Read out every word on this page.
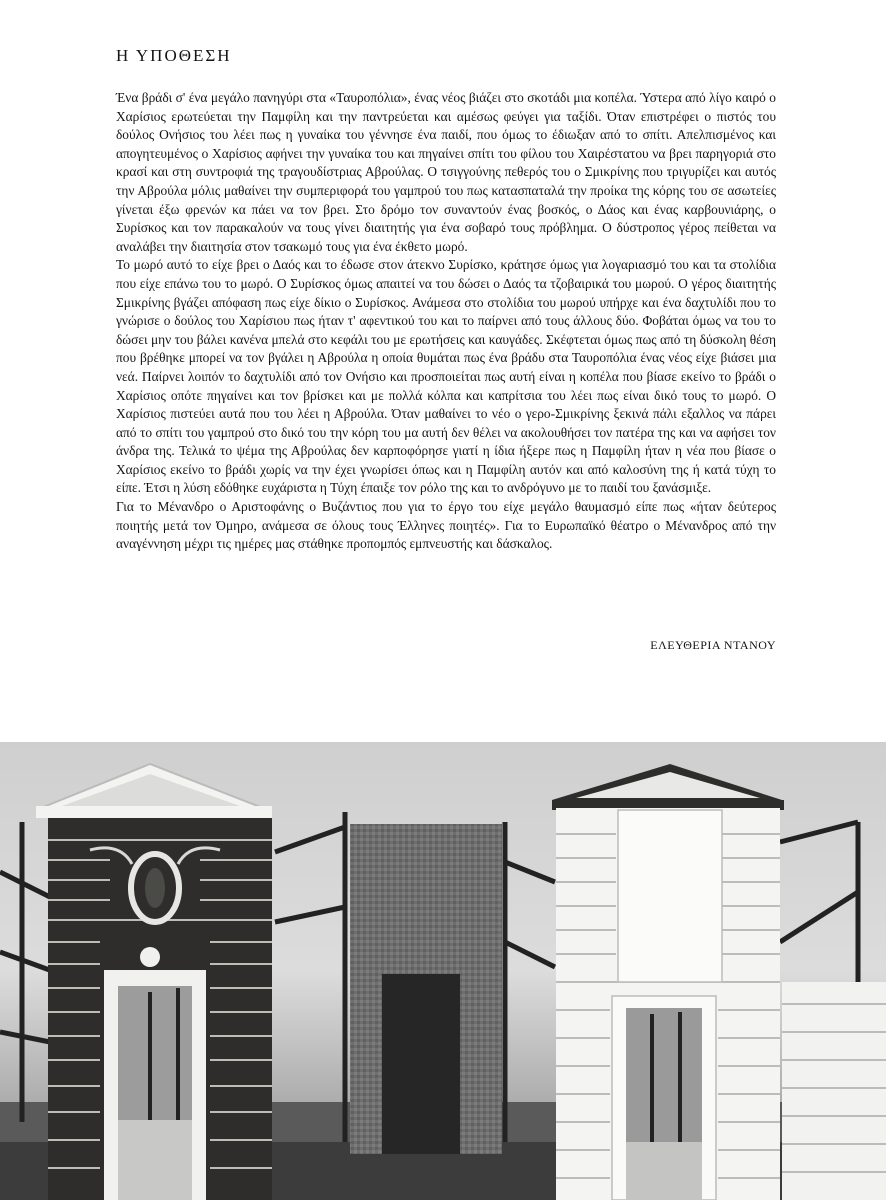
Η ΥΠΟΘΕΣΗ

Ένα βράδι σ' ένα μεγάλο πανηγύρι στα «Ταυροπόλια», ένας νέος βιάζει στο σκοτάδι μια κοπέλα. Ύστερα από λίγο καιρό ο Χαρίσιος ερωτεύεται την Παμφίλη και την παντρεύεται και αμέσως φεύγει για ταξίδι. Όταν επιστρέφει ο πιστός του δούλος Ονήσιος του λέει πως η γυναίκα του γέννησε ένα παιδί, που όμως το έδιωξαν από το σπίτι. Απελπισμένος και απογητευμένος ο Χαρίσιος αφήνει την γυναίκα του και πηγαίνει σπίτι του φίλου του Χαιρέστατου να βρει παρηγοριά στο κρασί και στη συντροφιά της τραγουδίστριας Αβρούλας. Ο τσιγγούνης πεθερός του ο Σμικρίνης που τριγυρίζει και αυτός την Αβρούλα μόλις μαθαίνει την συμπεριφορά του γαμπρού του πως κατασπαταλά την προίκα της κόρης του σε ασωτείες γίνεται έξω φρενών κα πάει να τον βρει. Στο δρόμο τον συναντούν ένας βοσκός, ο Δάος και ένας καρβουνιάρης, ο Συρίσκος και τον παρακαλούν να τους γίνει διαιτητής για ένα σοβαρό τους πρόβλημα. Ο δύστροπος γέρος πείθεται να αναλάβει την διαιτησία στον τσακωμό τους για ένα έκθετο μωρό.

Το μωρό αυτό το είχε βρει ο Δαός και το έδωσε στον άτεκνο Συρίσκο, κράτησε όμως για λογαριασμό του και τα στολίδια που είχε επάνω του το μωρό. Ο Συρίσκος όμως απαιτεί να του δώσει ο Δαός τα τζοβαιρικά του μωρού. Ο γέρος διαιτητής Σμικρίνης βγάζει απόφαση πως είχε δίκιο ο Συρίσκος. Ανάμεσα στο στολίδια του μωρού υπήρχε και ένα δαχτυλίδι που το γνώρισε ο δούλος του Χαρίσιου πως ήταν τ' αφεντικού του και το παίρνει από τους άλλους δύο. Φοβάται όμως να του το δώσει μην του βάλει κανένα μπελά στο κεφάλι του με ερωτήσεις και καυγάδες. Σκέφτεται όμως πως από τη δύσκολη θέση που βρέθηκε μπορεί να τον βγάλει η Αβρούλα η οποία θυμάται πως ένα βράδυ στα Ταυροπόλια ένας νέος είχε βιάσει μια νεά. Παίρνει λοιπόν το δαχτυλίδι από τον Ονήσιο και προσποιείται πως αυτή είναι η κοπέλα που βίασε εκείνο το βράδι ο Χαρίσιος οπότε πηγαίνει και τον βρίσκει και με πολλά κόλπα και καπρίτσια του λέει πως είναι δικό τους το μωρό. Ο Χαρίσιος πιστεύει αυτά που του λέει η Αβρούλα. Όταν μαθαίνει το νέο ο γερο-Σμικρίνης ξεκινά πάλι εξαλλος να πάρει από το σπίτι του γαμπρού στο δικό του την κόρη του μα αυτή δεν θέλει να ακολουθήσει τον πατέρα της και να αφήσει τον άνδρα της. Τελικά το ψέμα της Αβρούλας δεν καρποφόρησε γιατί η ίδια ήξερε πως η Παμφίλη ήταν η νέα που βίασε ο Χαρίσιος εκείνο το βράδι χωρίς να την έχει γνωρίσει όπως και η Παμφίλη αυτόν και από καλοσύνη της ή κατά τύχη το είπε. Έτσι η λύση εδόθηκε ευχάριστα η Τύχη έπαιξε τον ρόλο της και το ανδρόγυνο με το παιδί του ξανάσμιξε.

Για το Μένανδρο ο Αριστοφάνης ο Βυζάντιος που για το έργο του είχε μεγάλο θαυμασμό είπε πως «ήταν δεύτερος ποιητής μετά τον Όμηρο, ανάμεσα σε όλους τους Έλληνες ποιητές». Για το Ευρωπαϊκό θέατρο ο Μένανδρος από την αναγέννηση μέχρι τις ημέρες μας στάθηκε προπομπός εμπνευστής και δάσκαλος.

ΕΛΕΥΘΕΡΙΑ ΝΤΑΝΟΥ
